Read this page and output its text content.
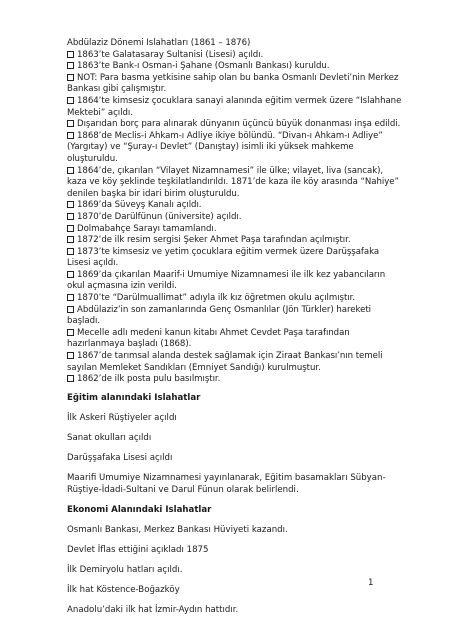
Abdülaziz Dönemi Islahatları (1861 – 1876)
1863’te Galatasaray Sultanisi (Lisesi) açıldı.
1863’te Bank-ı Osman-i Şahane (Osmanlı Bankası) kuruldu.
NOT: Para basma yetkisine sahip olan bu banka Osmanlı Devleti’nin Merkez
Bankası gibi çalışmıştır.
1864’te kimsesiz çocuklara sanayi alanında eğitim vermek üzere “Islahhane
Mektebi” açıldı.
Dışarıdan borç para alınarak dünyanın üçüncü büyük donanması inşa edildi.
1868’de Meclis-i Ahkam-ı Adliye ikiye bölündü. “Divan-ı Ahkam-ı Adliye”
(Yargıtay) ve “Şuray-ı Devlet” (Danıştay) isimli iki yüksek mahkeme
oluşturuldu.
1864’de, çıkarılan “Vilayet Nizamnamesi” ile ülke; vilayet, liva (sancak),
kaza ve köy şeklinde teşkilatlandırıldı. 1871’de kaza ile köy arasında “Nahiye”
denilen başka bir idari birim oluşturuldu.
1869’da Süveyş Kanalı açıldı.
1870’de Darülfünun (üniversite) açıldı.
Dolmabahçe Sarayı tamamlandı.
1872’de ilk resim sergisi Şeker Ahmet Paşa tarafından açılmıştır.
1873’te kimsesiz ve yetim çocuklara eğitim vermek üzere Darüşşafaka
Lisesi açıldı.
1869’da çıkarılan Maarif-i Umumiye Nizamnamesi ile ilk kez yabancıların
okul açmasına izin verildi.
1870’te “Darülmuallimat” adıyla ilk kız öğretmen okulu açılmıştır.
Abdülaziz’in son zamanlarında Genç Osmanlılar (Jön Türkler) hareketi
başladı.
Mecelle adlı medeni kanun kitabı Ahmet Cevdet Paşa tarafından
hazırlanmaya başladı (1868).
1867’de tarımsal alanda destek sağlamak için Ziraat Bankası’nın temeli
sayılan Memleket Sandıkları (Emniyet Sandığı) kurulmuştur.
1862’de ilk posta pulu basılmıştır.
Eğitim alanındaki Islahatlar
İlk Askeri Rüştiyeler açıldı
Sanat okulları açıldı
Darüşşafaka Lisesi açıldı
Maarifi Umumiye Nizamnamesi yayınlanarak, Eğitim basamakları Sübyan-
Rüştiye-İdadi-Sultani ve Darul Fünun olarak belirlendi.
Ekonomi Alanındaki Islahatlar
Osmanlı Bankası, Merkez Bankası Hüviyeti kazandı.
Devlet İflas ettiğini açıkladı 1875
İlk Demiryolu hatları açıldı.
İlk hat Köstence-Boğazköy
Anadolu’daki ilk hat İzmir-Aydın hattıdır.
1
